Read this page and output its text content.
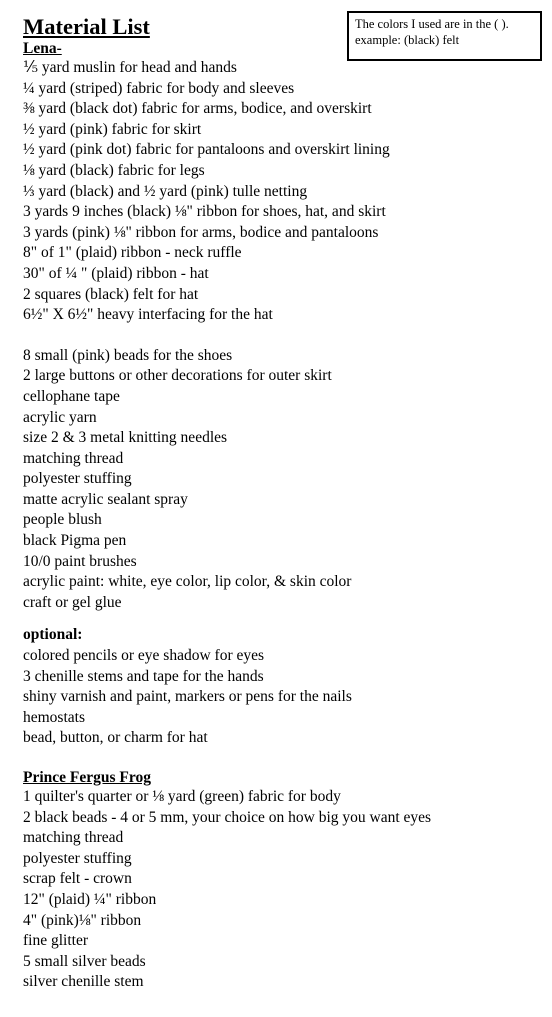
The colors I used are in the ( ).
example: (black) felt
Material List
Lena-
⅕ yard muslin for head and hands
¼ yard (striped) fabric for body and sleeves
⅜ yard (black dot) fabric for arms, bodice, and overskirt
½ yard (pink) fabric for skirt
½ yard (pink dot) fabric for pantaloons and overskirt lining
⅛ yard (black) fabric for legs
⅓ yard (black) and ½ yard (pink) tulle netting
3 yards 9 inches (black) ⅛" ribbon for shoes, hat, and skirt
3 yards (pink) ⅛" ribbon for arms, bodice and pantaloons
8" of 1" (plaid) ribbon - neck ruffle
30" of ¼ " (plaid) ribbon - hat
2 squares (black) felt for hat
6½" X 6½" heavy interfacing for the hat
8 small (pink) beads for the shoes
2 large buttons or other decorations for outer skirt
cellophane tape
acrylic yarn
size 2 & 3 metal knitting needles
matching thread
polyester stuffing
matte acrylic sealant spray
people blush
black Pigma pen
10/0 paint brushes
acrylic paint: white, eye color, lip color, & skin color
craft or gel glue
optional:
colored pencils or eye shadow for eyes
3 chenille stems and tape for the hands
shiny varnish and paint, markers or pens for the nails
hemostats
bead, button, or charm for hat
Prince Fergus Frog
1 quilter's quarter or ⅛ yard (green) fabric for body
2 black beads - 4 or 5 mm, your choice on how big you want eyes
matching thread
polyester stuffing
scrap felt - crown
12" (plaid) ¼" ribbon
4" (pink)⅛" ribbon
fine glitter
5 small silver beads
silver chenille stem
